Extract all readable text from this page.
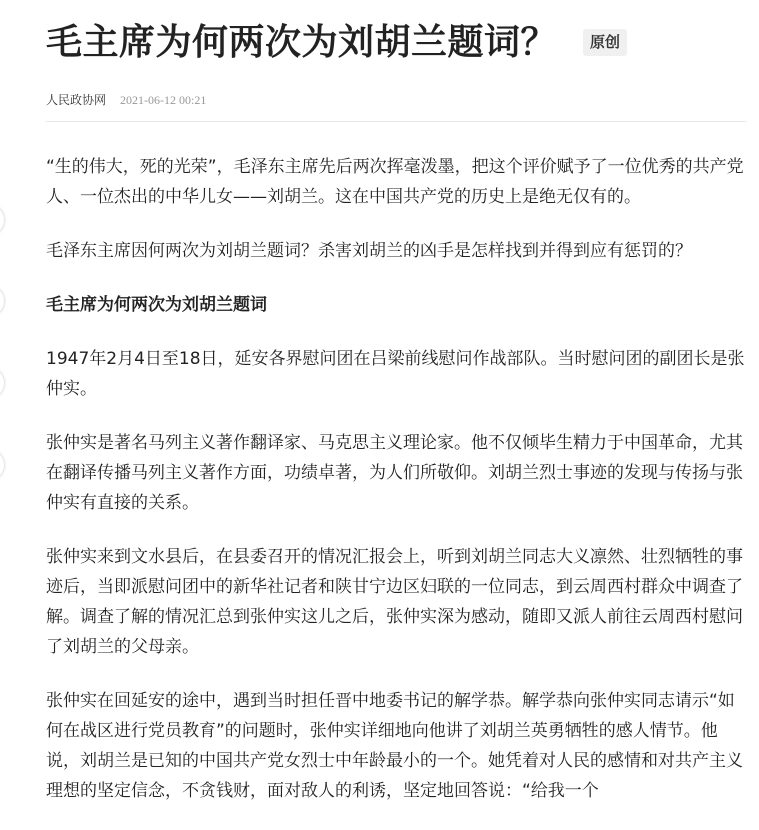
毛主席为何两次为刘胡兰题词？ 原创
人民政协网 2021-06-12 00:21

“生的伟大，死的光荣”，毛泽东主席先后两次挥毫泼墨，把这个评价赋予了一位优秀的共产党人、一位杰出的中华儿女——刘胡兰。这在中国共产党的历史上是绝无仅有的。

毛泽东主席因何两次为刘胡兰题词？杀害刘胡兰的凶手是怎样找到并得到应有惩罚的？

毛主席为何两次为刘胡兰题词

1947年2月4日至18日，延安各界慰问团在吕梁前线慰问作战部队。当时慰问团的副团长是张仲实。

张仲实是著名马列主义著作翻译家、马克思主义理论家。他不仅倾毕生精力于中国革命，尤其在翻译传播马列主义著作方面，功绩卓著，为人们所敬仰。刘胡兰烈士事迹的发现与传扬与张仲实有直接的关系。

张仲实来到文水县后，在县委召开的情况汇报会上，听到刘胡兰同志大义凛然、壮烈牺牲的事迹后，当即派慰问团中的新华社记者和陕甘宁边区妇联的一位同志，到云周西村群众中调查了解。调查了解的情况汇总到张仲实这儿之后，张仲实深为感动，随即又派人前往云周西村慰问了刘胡兰的父母亲。

张仲实在回延安的途中，遇到当时担任晋中地委书记的解学恭。解学恭向张仲实同志请示“如何在战区进行党员教育”的问题时，张仲实详细地向他讲了刘胡兰英勇牺牲的感人情节。他说，刘胡兰是已知的中国共产党女烈士中年龄最小的一个。她凭着对人民的感情和对共产主义理想的坚定信念，不贪钱财，面对敌人的利诱，坚定地回答说：“给我一个
